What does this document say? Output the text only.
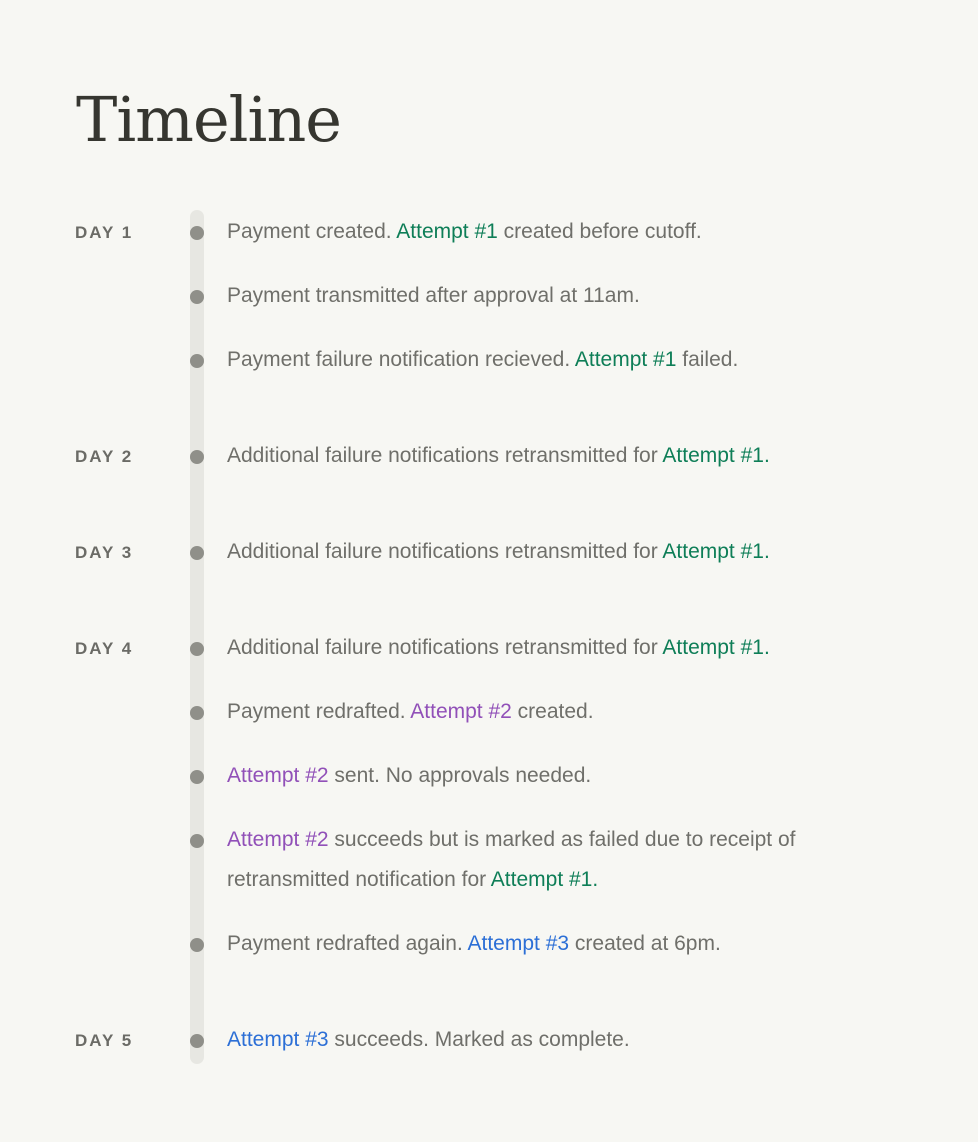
Timeline
DAY 1
DAY 2
DAY 3
DAY 4
DAY 5
Payment created. Attempt #1 created before cutoff.
Payment transmitted after approval at 11am.
Payment failure notification recieved. Attempt #1 failed.
Additional failure notifications retransmitted for Attempt #1.
Additional failure notifications retransmitted for Attempt #1.
Additional failure notifications retransmitted for Attempt #1.
Payment redrafted. Attempt #2 created.
Attempt #2 sent. No approvals needed.
Attempt #2 succeeds but is marked as failed due to receipt of retransmitted notification for Attempt #1.
Payment redrafted again. Attempt #3 created at 6pm.
Attempt #3 succeeds. Marked as complete.
